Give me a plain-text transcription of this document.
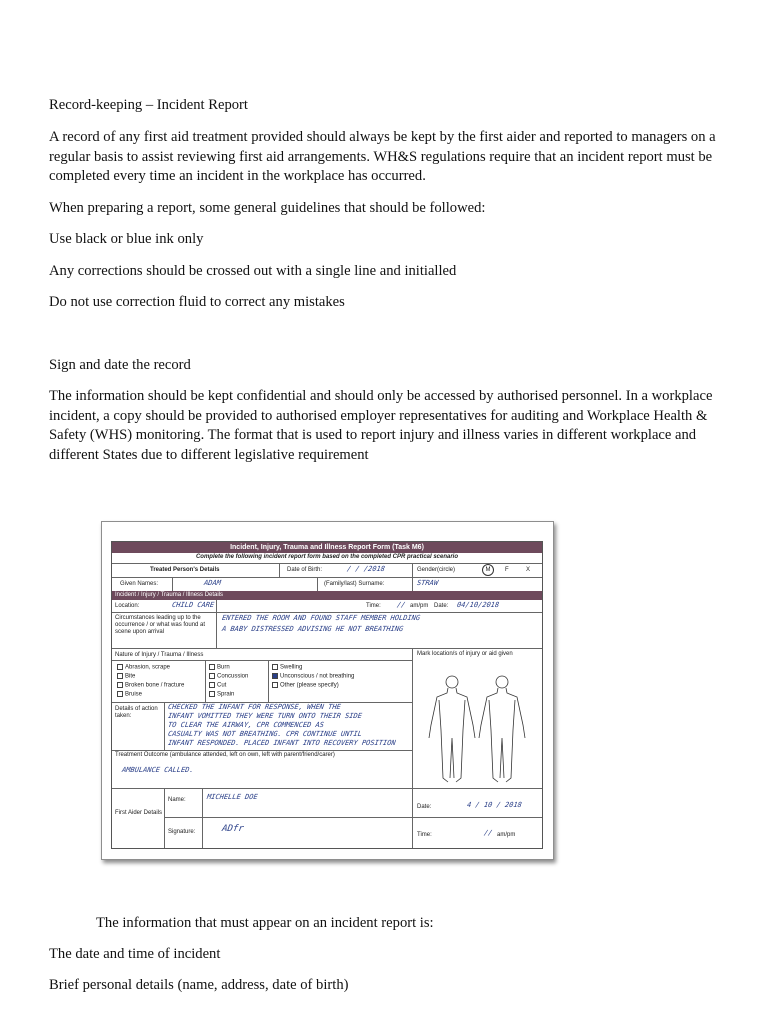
Record-keeping – Incident Report

A record of any first aid treatment provided should always be kept by the first aider and reported to managers on a regular basis to assist reviewing first aid arrangements. WH&S regulations require that an incident report must be completed every time an incident in the workplace has occurred.

When preparing a report, some general guidelines that should be followed:

Use black or blue ink only

Any corrections should be crossed out with a single line and initialled

Do not use correction fluid to correct any mistakes

Sign and date the record

The information should be kept confidential and should only be accessed by authorised personnel. In a workplace incident, a copy should be provided to authorised employer representatives for auditing and Workplace Health & Safety (WHS) monitoring. The format that is used to report injury and illness varies in different workplace and different States due to different legislative requirement

Incident, Injury, Trauma and Illness Report Form (Task M6)
Complete the following incident report form based on the completed CPR practical scenario
Treated Person's Details	Date of Birth:	/ / /2018	Gender(circle)	M	F	X
Given Names:	ADAM	(Family/last) Surname:	STRAW
Incident / Injury / Trauma / Illness Details
Location:	CHILD CARE	Time: // am/pm Date: 04/10/2018
Circumstances leading up to the occurrence / or what was found at scene upon arrival
ENTERED THE ROOM AND FOUND STAFF MEMBER HOLDING
A BABY DISTRESSED ADVISING HE NOT BREATHING
Nature of Injury / Trauma / Illness	Mark location/s of injury or aid given
Abrasion, scrape
Bite
Broken bone / fracture
Bruise
Burn
Concussion
Cut
Sprain
Swelling
Unconscious / not breathing
Other (please specify)
Details of action taken:
CHECKED THE INFANT FOR RESPONSE, WHEN THE
INFANT VOMITTED THEY WERE TURN ONTO THEIR SIDE
TO CLEAR THE AIRWAY, CPR COMMENCED AS
CASUALTY WAS NOT BREATHING. CPR CONTINUE UNTIL
INFANT RESPONDED. PLACED INFANT INTO RECOVERY POSITION
Treatment Outcome (ambulance attended, left on own, left with parent/friend/carer)
AMBULANCE CALLED.
First Aider Details
Name:	MICHELLE DOE
Signature:	ADfr
Date:	4 / 10 / 2018
Time:	// am/pm

The information that must appear on an incident report is:

The date and time of incident

Brief personal details (name, address, date of birth)
